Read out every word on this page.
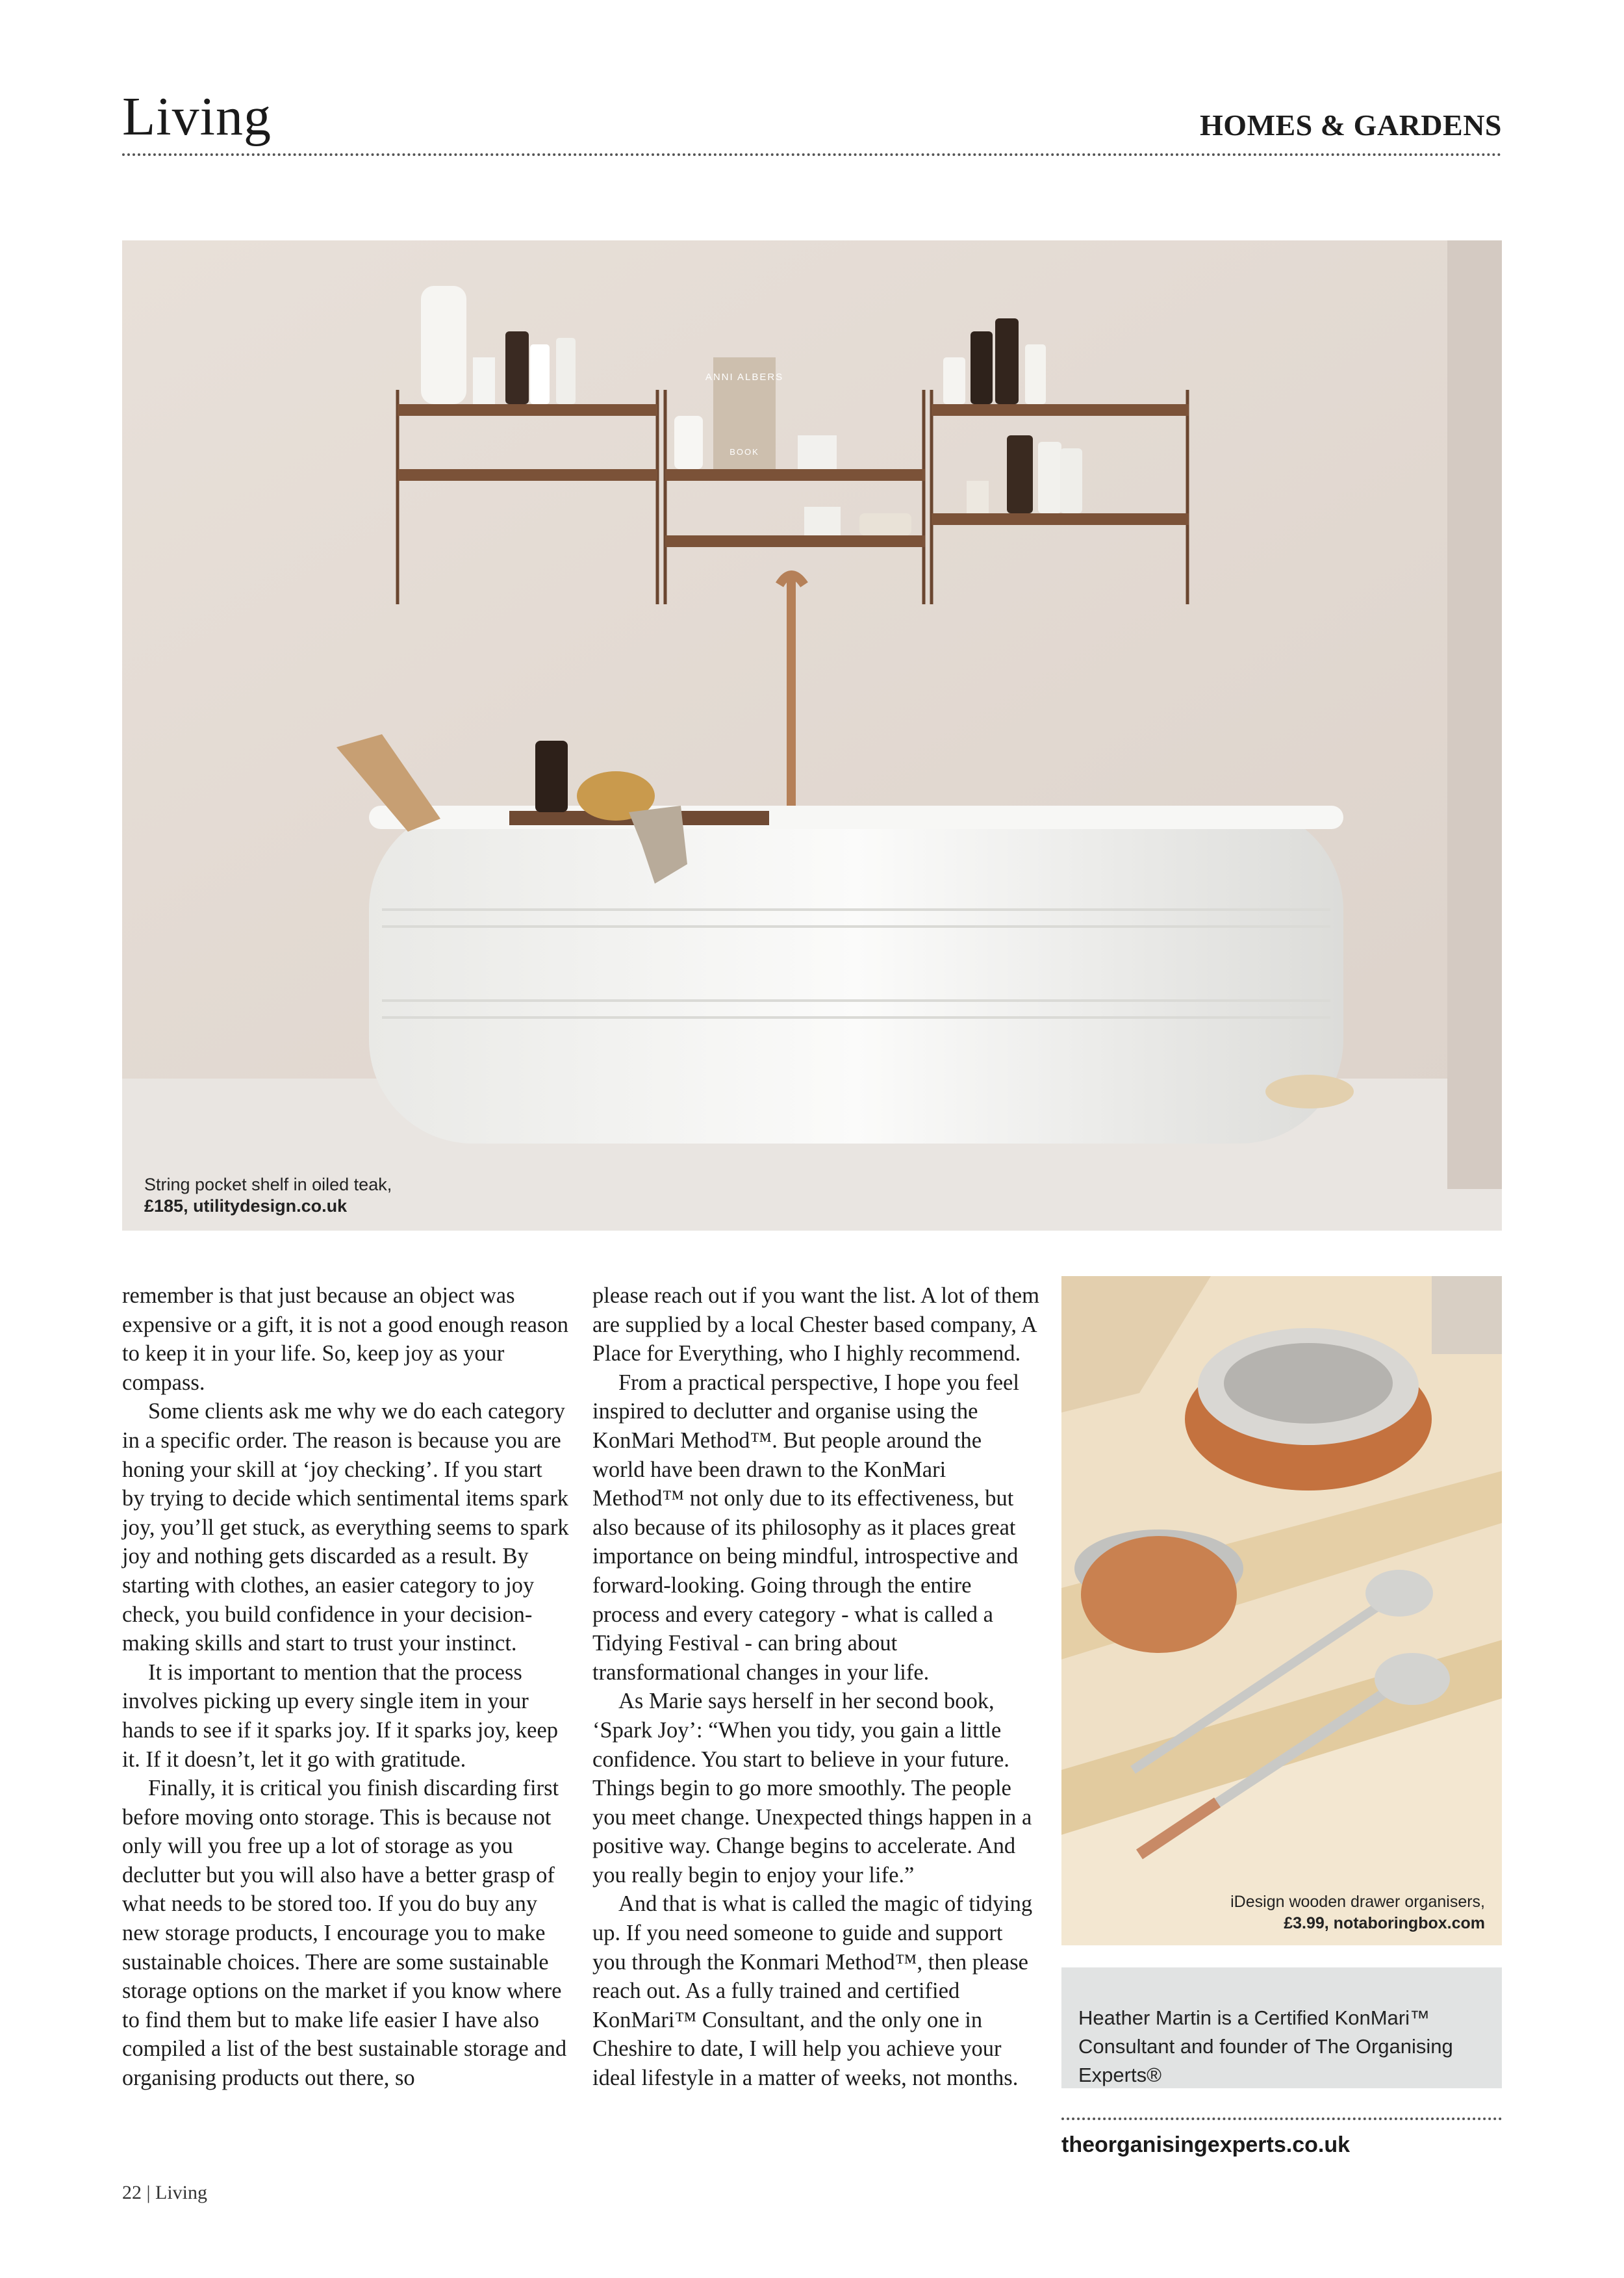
Living	HOMES & GARDENS
ANNI ALBERS
BOOK
String pocket shelf in oiled teak,
£185, utilitydesign.co.uk

remember is that just because an object was expensive or a gift, it is not a good enough reason to keep it in your life. So, keep joy as your compass.

Some clients ask me why we do each category in a specific order. The reason is because you are honing your skill at ‘joy checking’. If you start by trying to decide which sentimental items spark joy, you’ll get stuck, as everything seems to spark joy and nothing gets discarded as a result. By starting with clothes, an easier category to joy check, you build confidence in your decision-making skills and start to trust your instinct.

It is important to mention that the process involves picking up every single item in your hands to see if it sparks joy. If it sparks joy, keep it. If it doesn’t, let it go with gratitude.

Finally, it is critical you finish discarding first before moving onto storage. This is because not only will you free up a lot of storage as you declutter but you will also have a better grasp of what needs to be stored too. If you do buy any new storage products, I encourage you to make sustainable choices. There are some sustainable storage options on the market if you know where to find them but to make life easier I have also compiled a list of the best sustainable storage and organising products out there, so

please reach out if you want the list. A lot of them are supplied by a local Chester based company, A Place for Everything, who I highly recommend.

From a practical perspective, I hope you feel inspired to declutter and organise using the KonMari Method™. But people around the world have been drawn to the KonMari Method™ not only due to its effectiveness, but also because of its philosophy as it places great importance on being mindful, introspective and forward-looking. Going through the entire process and every category - what is called a Tidying Festival - can bring about transformational changes in your life.

As Marie says herself in her second book, ‘Spark Joy’: “When you tidy, you gain a little confidence. You start to believe in your future. Things begin to go more smoothly. The people you meet change. Unexpected things happen in a positive way. Change begins to accelerate. And you really begin to enjoy your life.”

And that is what is called the magic of tidying up. If you need someone to guide and support you through the Konmari Method™, then please reach out. As a fully trained and certified KonMari™ Consultant, and the only one in Cheshire to date, I will help you achieve your ideal lifestyle in a matter of weeks, not months.

iDesign wooden drawer organisers,
£3.99, notaboringbox.com
Heather Martin is a Certified KonMari™ Consultant and founder of The Organising Experts®
theorganisingexperts.co.uk
22 | Living
